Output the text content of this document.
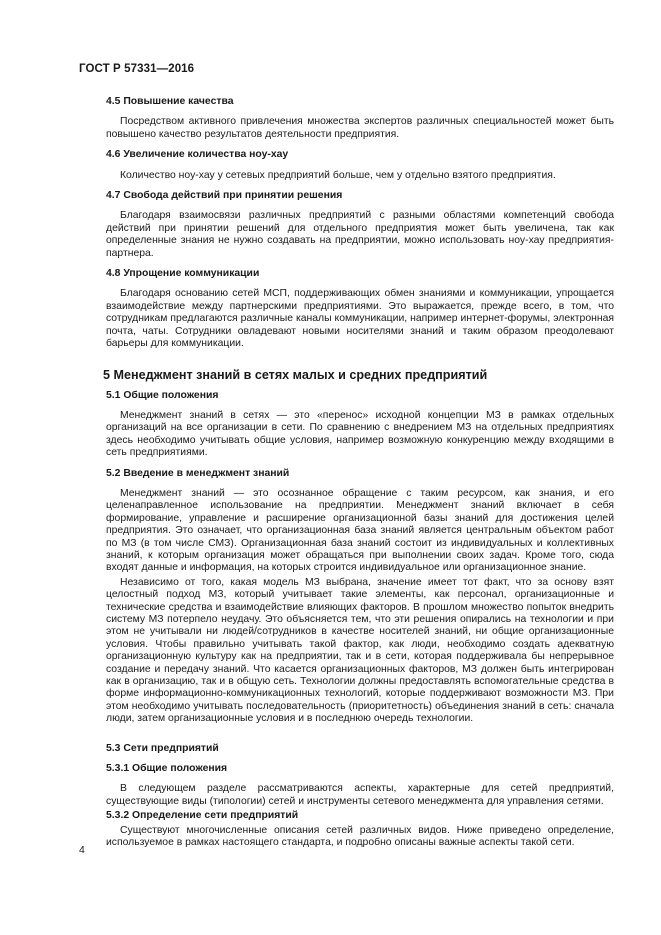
ГОСТ Р 57331—2016
4.5 Повышение качества

Посредством активного привлечения множества экспертов различных специальностей может быть повышено качество результатов деятельности предприятия.

4.6 Увеличение количества ноу-хау

Количество ноу-хау у сетевых предприятий больше, чем у отдельно взятого предприятия.

4.7 Свобода действий при принятии решения

Благодаря взаимосвязи различных предприятий с разными областями компетенций свобода действий при принятии решений для отдельного предприятия может быть увеличена, так как определенные знания не нужно создавать на предприятии, можно использовать ноу-хау предприятия-партнера.

4.8 Упрощение коммуникации

Благодаря основанию сетей МСП, поддерживающих обмен знаниями и коммуникации, упрощается взаимодействие между партнерскими предприятиями. Это выражается, прежде всего, в том, что сотрудникам предлагаются различные каналы коммуникации, например интернет-форумы, электронная почта, чаты. Сотрудники овладевают новыми носителями знаний и таким образом преодолевают барьеры для коммуникации.

5 Менеджмент знаний в сетях малых и средних предприятий
5.1 Общие положения

Менеджмент знаний в сетях — это «перенос» исходной концепции МЗ в рамках отдельных организаций на все организации в сети. По сравнению с внедрением МЗ на отдельных предприятиях здесь необходимо учитывать общие условия, например возможную конкуренцию между входящими в сеть предприятиями.

5.2 Введение в менеджмент знаний

Менеджмент знаний — это осознанное обращение с таким ресурсом, как знания, и его целенаправленное использование на предприятии. Менеджмент знаний включает в себя формирование, управление и расширение организационной базы знаний для достижения целей предприятия. Это означает, что организационная база знаний является центральным объектом работ по МЗ (в том числе СМЗ). Организационная база знаний состоит из индивидуальных и коллективных знаний, к которым организация может обращаться при выполнении своих задач. Кроме того, сюда входят данные и информация, на которых строится индивидуальное или организационное знание.

Независимо от того, какая модель МЗ выбрана, значение имеет тот факт, что за основу взят целостный подход МЗ, который учитывает такие элементы, как персонал, организационные и технические средства и взаимодействие влияющих факторов. В прошлом множество попыток внедрить систему МЗ потерпело неудачу. Это объясняется тем, что эти решения опирались на технологии и при этом не учитывали ни людей/сотрудников в качестве носителей знаний, ни общие организационные условия. Чтобы правильно учитывать такой фактор, как люди, необходимо создать адекватную организационную культуру как на предприятии, так и в сети, которая поддерживала бы непрерывное создание и передачу знаний. Что касается организационных факторов, МЗ должен быть интегрирован как в организацию, так и в общую сеть. Технологии должны предоставлять вспомогательные средства в форме информационно-коммуникационных технологий, которые поддерживают возможности МЗ. При этом необходимо учитывать последовательность (приоритетность) объединения знаний в сеть: сначала люди, затем организационные условия и в последнюю очередь технологии.

5.3 Сети предприятий
5.3.1 Общие положения

В следующем разделе рассматриваются аспекты, характерные для сетей предприятий, существующие виды (типологии) сетей и инструменты сетевого менеджмента для управления сетями.

5.3.2 Определение сети предприятий

Существуют многочисленные описания сетей различных видов. Ниже приведено определение, используемое в рамках настоящего стандарта, и подробно описаны важные аспекты такой сети.

4
